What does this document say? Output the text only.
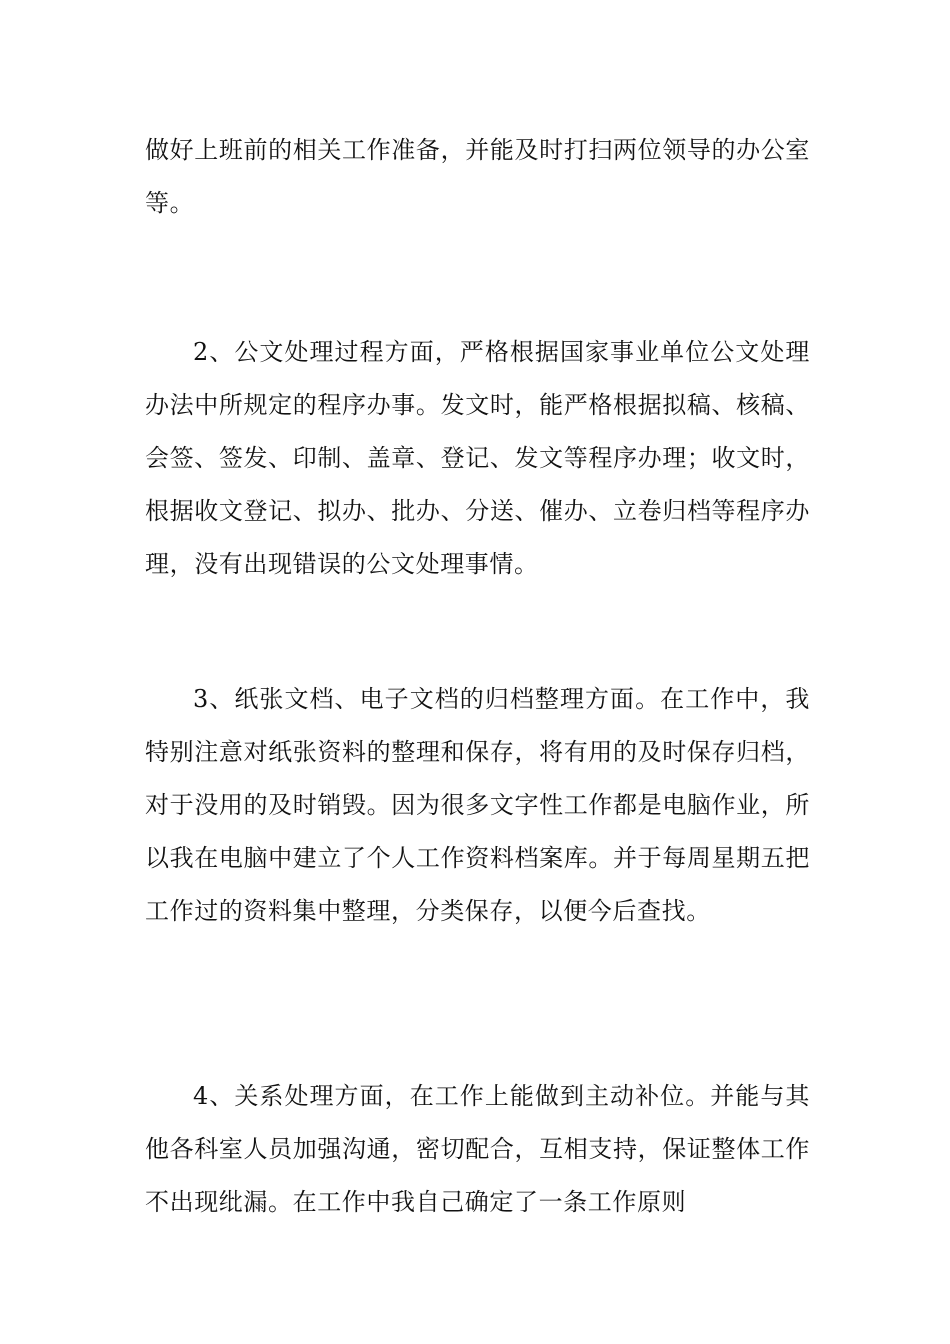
做好上班前的相关工作准备，并能及时打扫两位领导的办公室等。

2、公文处理过程方面，严格根据国家事业单位公文处理办法中所规定的程序办事。发文时，能严格根据拟稿、核稿、会签、签发、印制、盖章、登记、发文等程序办理；收文时，根据收文登记、拟办、批办、分送、催办、立卷归档等程序办理，没有出现错误的公文处理事情。

3、纸张文档、电子文档的归档整理方面。在工作中，我特别注意对纸张资料的整理和保存，将有用的及时保存归档，对于没用的及时销毁。因为很多文字性工作都是电脑作业，所以我在电脑中建立了个人工作资料档案库。并于每周星期五把工作过的资料集中整理，分类保存，以便今后查找。

4、关系处理方面，在工作上能做到主动补位。并能与其他各科室人员加强沟通，密切配合，互相支持，保证整体工作不出现纰漏。在工作中我自己确定了一条工作原则
